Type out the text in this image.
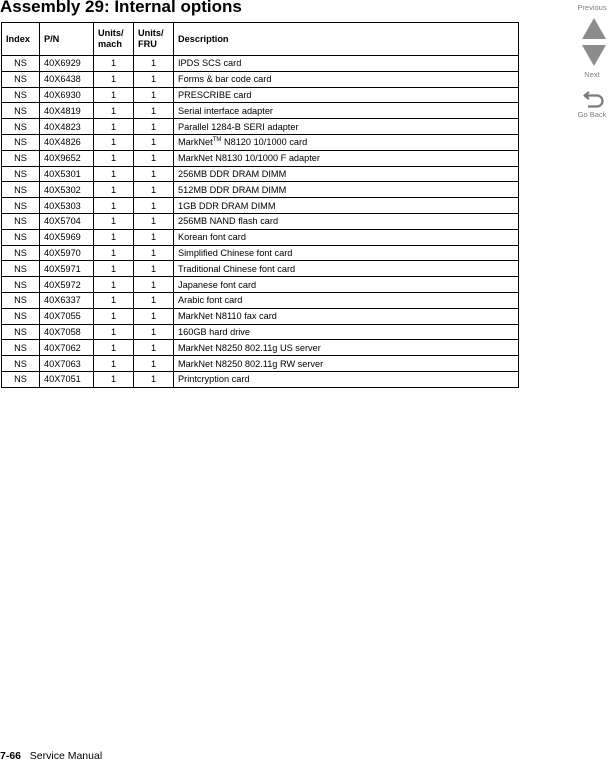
Assembly 29: Internal options
Index	P/N	Units/ mach	Units/ FRU	Description
NS	40X6929	1	1	IPDS SCS card
NS	40X6438	1	1	Forms & bar code card
NS	40X6930	1	1	PRESCRIBE card
NS	40X4819	1	1	Serial interface adapter
NS	40X4823	1	1	Parallel 1284-B SERI adapter
NS	40X4826	1	1	MarkNet™ N8120 10/1000 card
NS	40X9652	1	1	MarkNet N8130 10/1000 F adapter
NS	40X5301	1	1	256MB DDR DRAM DIMM
NS	40X5302	1	1	512MB DDR DRAM DIMM
NS	40X5303	1	1	1GB DDR DRAM DIMM
NS	40X5704	1	1	256MB NAND flash card
NS	40X5969	1	1	Korean font card
NS	40X5970	1	1	Simplified Chinese font card
NS	40X5971	1	1	Traditional Chinese font card
NS	40X5972	1	1	Japanese font card
NS	40X6337	1	1	Arabic font card
NS	40X7055	1	1	MarkNet N8110 fax card
NS	40X7058	1	1	160GB hard drive
NS	40X7062	1	1	MarkNet N8250 802.11g US server
NS	40X7063	1	1	MarkNet N8250 802.11g RW server
NS	40X7051	1	1	Printcryption card
Previous
Next
Go Back
7-66 Service Manual
